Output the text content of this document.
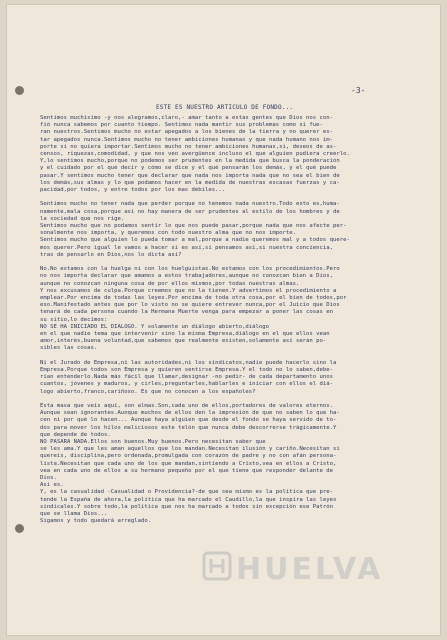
-3-
ESTE ES NUESTRO ARTICULO DE FONDO...
Sentimos muchisimo -y nos alegramos,claro,- amar tanto a estas gentes que Dios nos con-
fió nunca sabemos por cuanto tiempo. Sentimos nada mantir sus problemas como si fue-
ran nuestros.Sentimos mucho no estar apegados a los bienes de la tierra y no querer es-
tar apegados nunca.Sentimos mucho no tener ambiciones humanas y que nada humano nos im-
porte si no quiera importar.Sentimos mucho no tener ambiciones humanas,si, deseos de as-
censos, riquezas,comodidad, y que nos veo avergüence incluso el que alguien pudiera creerlo.
Y,lo sentimos mucho,porque no podemos ser prudentes en la medida que busca la ponderación
y el cuidado por el qué decir y cómo se dice y el qué pensarán los demás, y el qué puede
pasar.Y sentimos mucho tener que declarar que nada nos importa nada que no sea el bien de
los demás,sus almas y lo que podamos hacer en la medida de nuestras escasas fuerzas y ca-
pacidad,por todos, y entre todos por los mas débiles...
Sentimos mucho no tener nada que perder porque no tenemos nada nuestro.Todo esto es,huma-
namente,mala cosa,porque así no hay manera de ser prudentes al estilo de los hombres y de
la sociedad que nos rige.
Sentimos mucho que no podamos sentir lo que nos puede pasar,porque nada que nos afecte per-
sonalmente nos importa, y queremos con todo nuestro alma que no nos importe.
Sentimos mucho que alguien lo pueda tomar a mal,porque a nadie queremos mal y a todos quere-
mos querer.Pero igual le vamos a hacer si es así,si pensamos así,si nuestra conciencia,
tras de pensarlo en Dios,nos lo dicta así?
No.No estamos con la huelga ni con los huelguistas.No estamos con los procedimientos.Pero
no nos importa declarar que amamos a estos trabajadores,aunque no conozcan bien a Dios,
aunque no conozcan ninguna cosa de por ellos mismos,por todas nuestras almas.
Y nos excusamos de culpa.Porque creemos que no la tienen.Y advertimos el procedimiento a
emplear.Por encima de todas las leyes.Por encima de toda otra cosa,por el bien de todos,por
eso.Manifestado antes que por lo visto no se quiere entrever nunca,por el Juicio que Dios
tenará de cada persona cuando la Hermana Muerte venga para empezar a poner las cosas en
su sitio,lo decimos:
NO SE HA INICIADO EL DIALOGO. Y solamente un diálogo abierto,diálogo
en el que nadie tema que intervenir sino la misma Empresa,diálogo en el que ellos vean
amor,interés,buena voluntad,que sabemos que realmente existen,solamente así serán po-
sibles las cosas.
Ni el Jurado de Empresa,ni las autoridades,ni los sindicatos,nadie puede hacerlo sino la
Empresa.Porque todos son Empresa y quieren sentirse Empresa.Y el todo no lo saben,debe-
rían entenderlo.Nada más fácil que llamar,designar -no pedir- de cada departamento unos
cuantos, jóvenes y maduros, y cirles,preguntarles,hablarles e iniciar con ellos el diá-
logo abierto,franco,cariñoso. Es que no conocen a los españoles?
Esta masa que veis aquí, son almas.Son,cada uno de ellos,portadores de valores eternos.
Aunque sean ignorantes.Aunque muchos de ellos den la impresión de que no saben lo que ha-
cen ni por qué lo hacen... Aunque haya alguien que desde el fondo se haya servido de to-
dos para mover los hilos maliciosos este telón que nunca debe descorrerse trágicamente.Y
que depende de todos.
NO PASARA NADA.Ellos son buenos.Muy buenos.Pero necesitan saber que
se les ama.Y que les aman aquellos que los mandan.Necesitan ilusión y cariño.Necesitan si
quereis, disciplina,pero ordenada,promulgada con corazón de padre y no con afán persona-
lista.Necesitan que cada uno de los que mandan,sintiendo a Cristo,vea en ellos a Cristo,
vea en cada uno de ellos a su hermano pequeño por el que tiene que responder delante de
Dios.
Así es.
Y, es la casualidad -Casualidad o Providencia?-de que sea mismo es la política que pre-
tende la España de ahora,la política que ha marcado el Caudillo,la que inspira las leyes
sindicales.Y sobre todo,la política que nos ha marcado a todos sin excepción ese Patrón
que se llama Dios...
Sigamos y todo quedará arreglado.
HUELVA
